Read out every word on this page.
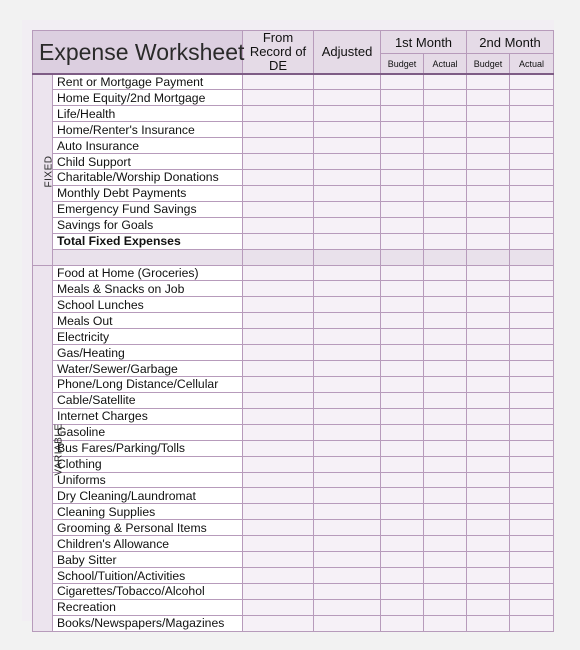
Expense Worksheet		From Record of DE	Adjusted	1st Month		2nd Month	
				Budget	Actual	Budget	Actual
FIXED	Rent or Mortgage Payment						
	Home Equity/2nd Mortgage						
	Life/Health						
	Home/Renter's Insurance						
	Auto Insurance						
	Child Support						
	Charitable/Worship Donations						
	Monthly Debt Payments						
	Emergency Fund Savings						
	Savings for Goals						
	Total Fixed Expenses						

VARIABLE	Food at Home (Groceries)						
	Meals & Snacks on Job						
	School Lunches						
	Meals Out						
	Electricity						
	Gas/Heating						
	Water/Sewer/Garbage						
	Phone/Long Distance/Cellular						
	Cable/Satellite						
	Internet Charges						
	Gasoline						
	Bus Fares/Parking/Tolls						
	Clothing						
	Uniforms						
	Dry Cleaning/Laundromat						
	Cleaning Supplies						
	Grooming & Personal Items						
	Children's Allowance						
	Baby Sitter						
	School/Tuition/Activities						
	Cigarettes/Tobacco/Alcohol						
	Recreation						
	Books/Newspapers/Magazines						
